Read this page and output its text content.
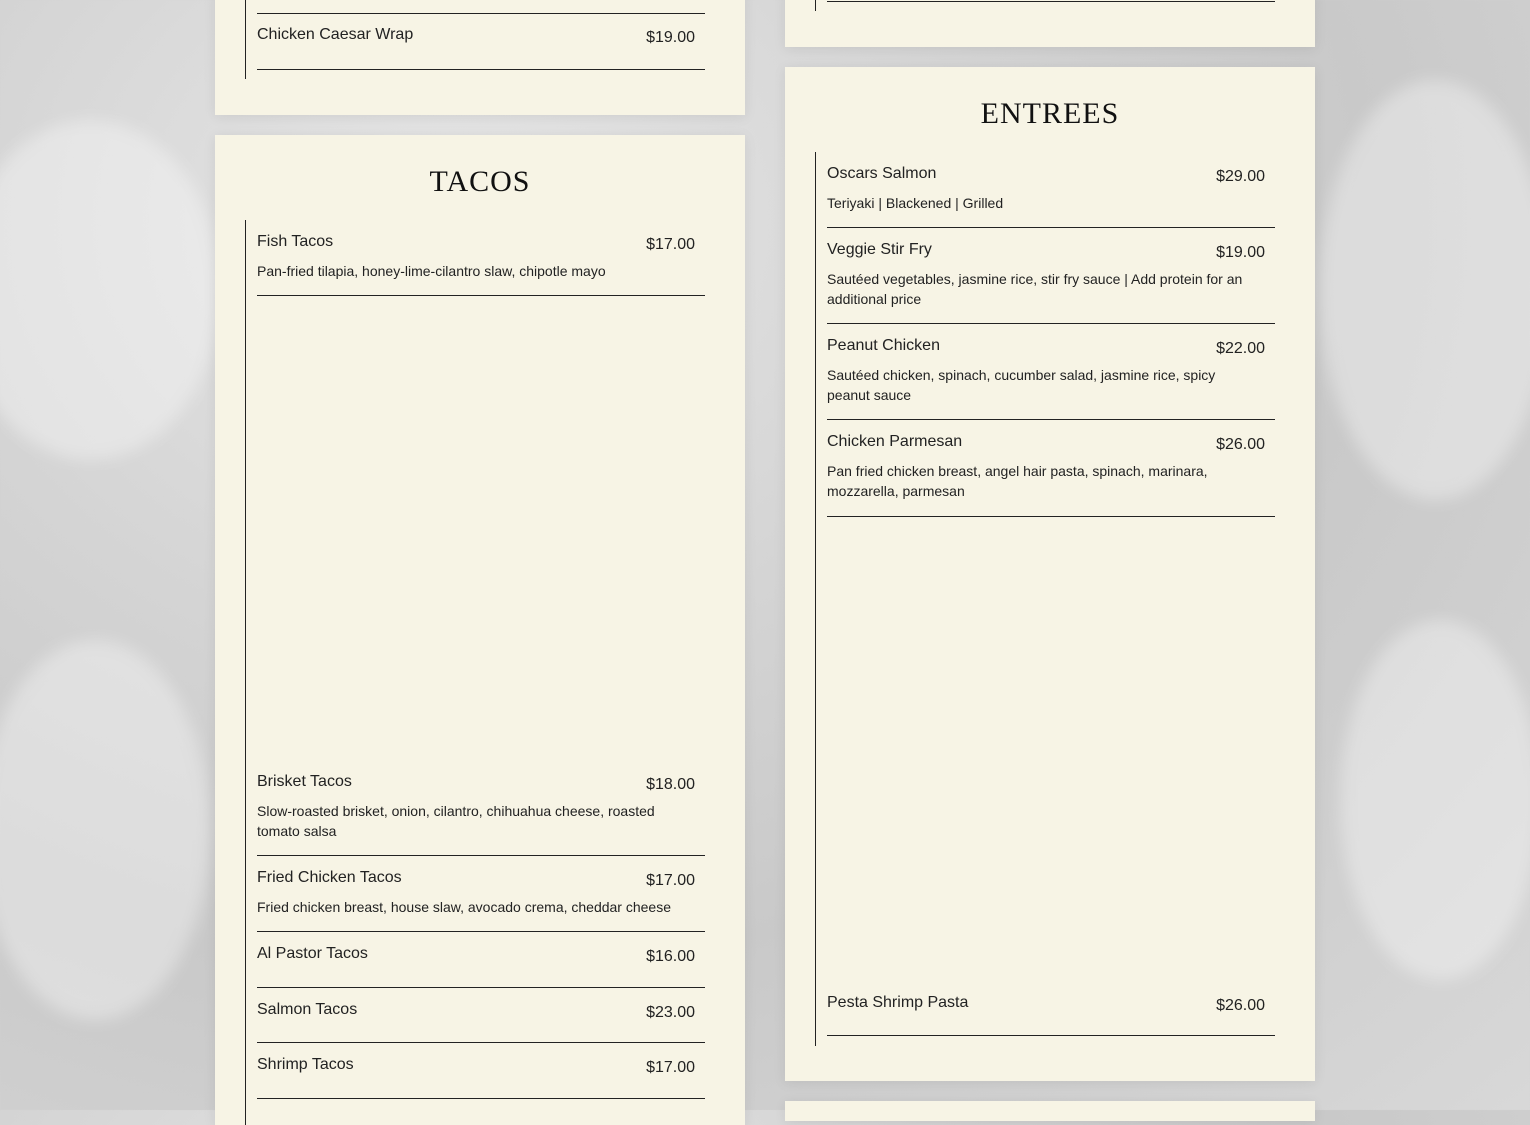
Chicken Caesar Wrap	$19.00
TACOS
Fish Tacos	$17.00
Pan-fried tilapia, honey-lime-cilantro slaw, chipotle mayo
Brisket Tacos	$18.00
Slow-roasted brisket, onion, cilantro, chihuahua cheese, roasted tomato salsa
Fried Chicken Tacos	$17.00
Fried chicken breast, house slaw, avocado crema, cheddar cheese
Al Pastor Tacos	$16.00
Salmon Tacos	$23.00
Shrimp Tacos	$17.00
ENTREES
Oscars Salmon	$29.00
Teriyaki | Blackened | Grilled
Veggie Stir Fry	$19.00
Sautéed vegetables, jasmine rice, stir fry sauce | Add protein for an additional price
Peanut Chicken	$22.00
Sautéed chicken, spinach, cucumber salad, jasmine rice, spicy peanut sauce
Chicken Parmesan	$26.00
Pan fried chicken breast, angel hair pasta, spinach, marinara, mozzarella, parmesan
Pesta Shrimp Pasta	$26.00
